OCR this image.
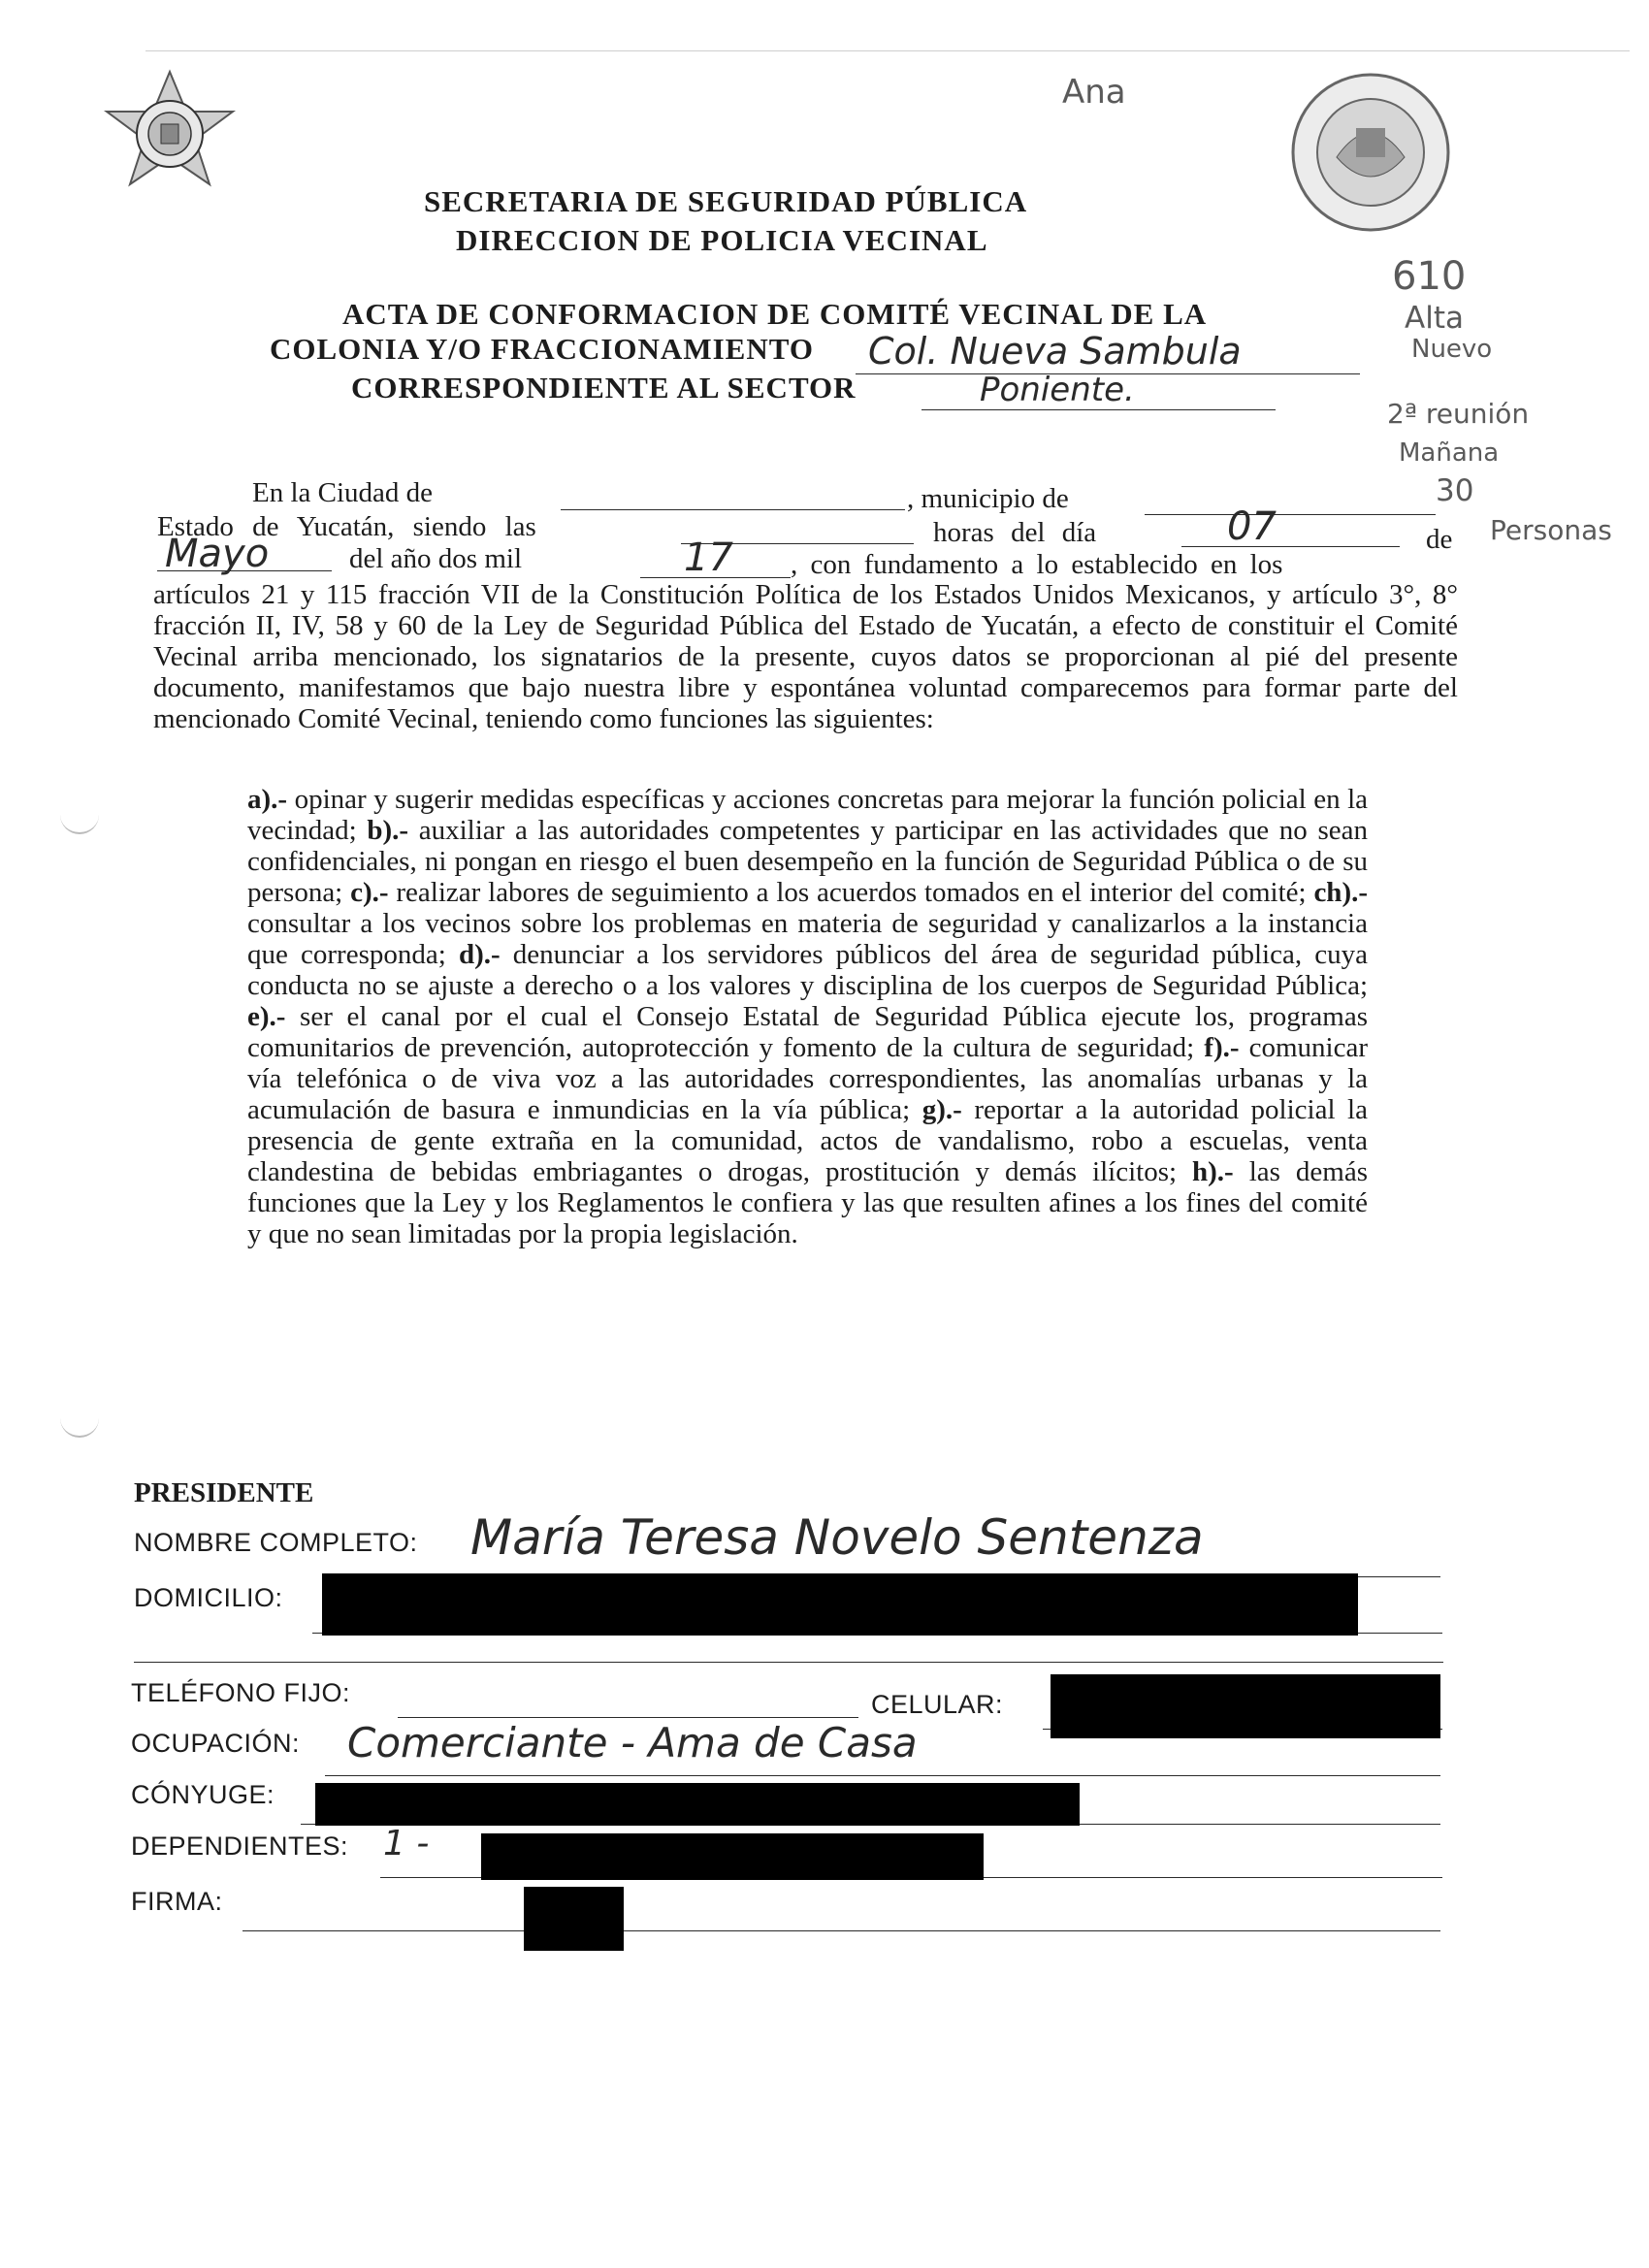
Ana
610
Alta
Nuevo
2ª reunión
Mañana
30
Personas
SECRETARIA DE SEGURIDAD PÚBLICA
DIRECCION DE POLICIA VECINAL
ACTA DE CONFORMACION DE COMITÉ VECINAL DE LA
COLONIA Y/O FRACCIONAMIENTO Col. Nueva Sambula
CORRESPONDIENTE AL SECTOR	Poniente.
En la Ciudad de	, municipio de
Estado de Yucatán, siendo las	horas del día	07	de
Mayo	del año dos mil	17 , con fundamento a lo establecido en los
artículos 21 y 115 fracción VII de la Constitución Política de los Estados Unidos Mexicanos, y artículo 3°, 8° fracción II, IV, 58 y 60 de la Ley de Seguridad Pública del Estado de Yucatán, a efecto de constituir el Comité Vecinal arriba mencionado, los signatarios de la presente, cuyos datos se proporcionan al pié del presente documento, manifestamos que bajo nuestra libre y espontánea voluntad comparecemos para formar parte del mencionado Comité Vecinal, teniendo como funciones las siguientes:
a).- opinar y sugerir medidas específicas y acciones concretas para mejorar la función policial en la vecindad; b).- auxiliar a las autoridades competentes y participar en las actividades que no sean confidenciales, ni pongan en riesgo el buen desempeño en la función de Seguridad Pública o de su persona; c).- realizar labores de seguimiento a los acuerdos tomados en el interior del comité; ch).- consultar a los vecinos sobre los problemas en materia de seguridad y canalizarlos a la instancia que corresponda; d).- denunciar a los servidores públicos del área de seguridad pública, cuya conducta no se ajuste a derecho o a los valores y disciplina de los cuerpos de Seguridad Pública; e).- ser el canal por el cual el Consejo Estatal de Seguridad Pública ejecute los, programas comunitarios de prevención, autoprotección y fomento de la cultura de seguridad; f).- comunicar vía telefónica o de viva voz a las autoridades correspondientes, las anomalías urbanas y la acumulación de basura e inmundicias en la vía pública; g).- reportar a la autoridad policial la presencia de gente extraña en la comunidad, actos de vandalismo, robo a escuelas, venta clandestina de bebidas embriagantes o drogas, prostitución y demás ilícitos; h).- las demás funciones que la Ley y los Reglamentos le confiera y las que resulten afines a los fines del comité y que no sean limitadas por la propia legislación.
PRESIDENTE
NOMBRE COMPLETO: María Teresa Novelo Sentenza
DOMICILIO:
TELÉFONO FIJO:	CELULAR:
OCUPACIÓN: Comerciante - Ama de Casa
CÓNYUGE:
DEPENDIENTES: 1 -
FIRMA:
